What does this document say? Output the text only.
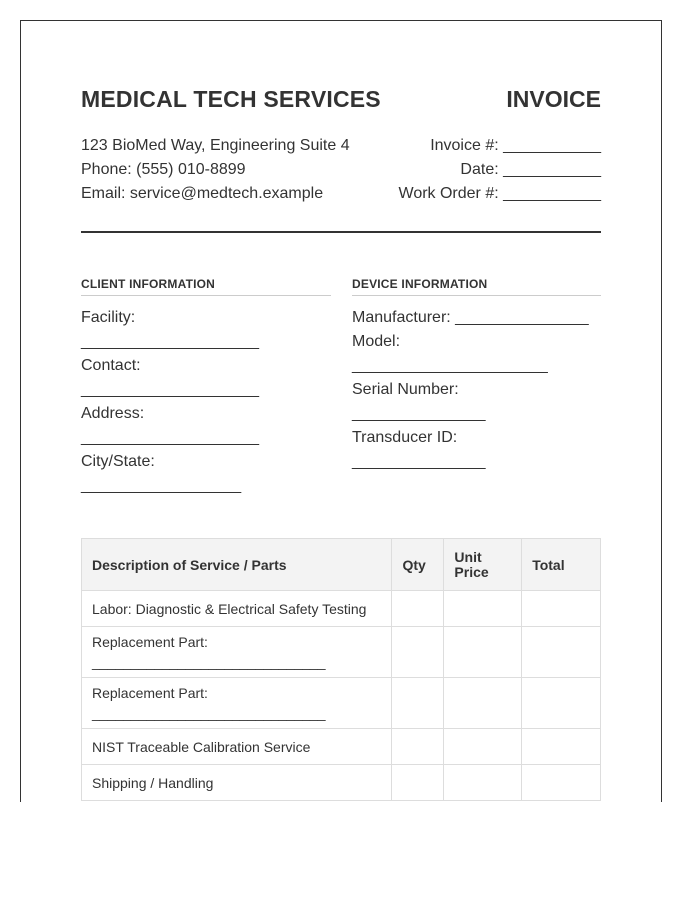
MEDICAL TECH SERVICES	INVOICE
123 BioMed Way, Engineering Suite 4
Phone: (555) 010-8899
Email: service@medtech.example
Invoice #: ___________
Date: ___________
Work Order #: ___________
CLIENT INFORMATION
Facility:
____________________
Contact:
____________________
Address:
____________________
City/State:
__________________
DEVICE INFORMATION
Manufacturer: _______________
Model:
______________________
Serial Number:
_______________
Transducer ID:
_______________
Description of Service / Parts	Qty	Unit Price	Total

Labor: Diagnostic & Electrical Safety Testing			

Replacement Part:
______________________________			

Replacement Part:
______________________________			

NIST Traceable Calibration Service			

Shipping / Handling			
